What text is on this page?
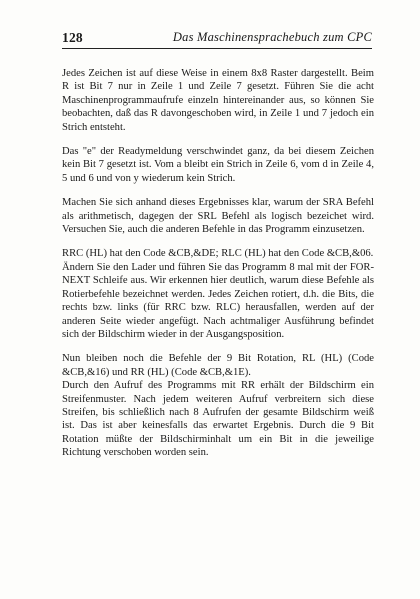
128	Das Maschinensprachebuch zum CPC

Jedes Zeichen ist auf diese Weise in einem 8x8 Raster dargestellt. Beim R ist Bit 7 nur in Zeile 1 und Zeile 7 gesetzt. Führen Sie die acht Maschinenprogrammaufrufe einzeln hintereinander aus, so können Sie beobachten, daß das R davongeschoben wird, in Zeile 1 und 7 jedoch ein Strich entsteht.

Das "e" der Readymeldung verschwindet ganz, da bei diesem Zeichen kein Bit 7 gesetzt ist. Vom a bleibt ein Strich in Zeile 6, vom d in Zeile 4, 5 und 6 und von y wiederum kein Strich.

Machen Sie sich anhand dieses Ergebnisses klar, warum der SRA Befehl als arithmetisch, dagegen der SRL Befehl als logisch bezeichet wird. Versuchen Sie, auch die anderen Befehle in das Programm einzusetzen.

RRC (HL) hat den Code &CB,&DE; RLC (HL) hat den Code &CB,&06.

Ändern Sie den Lader und führen Sie das Programm 8 mal mit der FOR-NEXT Schleife aus. Wir erkennen hier deutlich, warum diese Befehle als Rotierbefehle bezeichnet werden. Jedes Zeichen rotiert, d.h. die Bits, die rechts bzw. links (für RRC bzw. RLC) herausfallen, werden auf der anderen Seite wieder angefügt. Nach achtmaliger Ausführung befindet sich der Bildschirm wieder in der Ausgangsposition.

Nun bleiben noch die Befehle der 9 Bit Rotation, RL (HL) (Code &CB,&16) und RR (HL) (Code &CB,&1E).

Durch den Aufruf des Programms mit RR erhält der Bildschirm ein Streifenmuster. Nach jedem weiteren Aufruf verbreitern sich diese Streifen, bis schließlich nach 8 Aufrufen der gesamte Bildschirm weiß ist. Das ist aber keinesfalls das erwartet Ergebnis. Durch die 9 Bit Rotation müßte der Bildschirminhalt um ein Bit in die jeweilige Richtung verschoben worden sein.
